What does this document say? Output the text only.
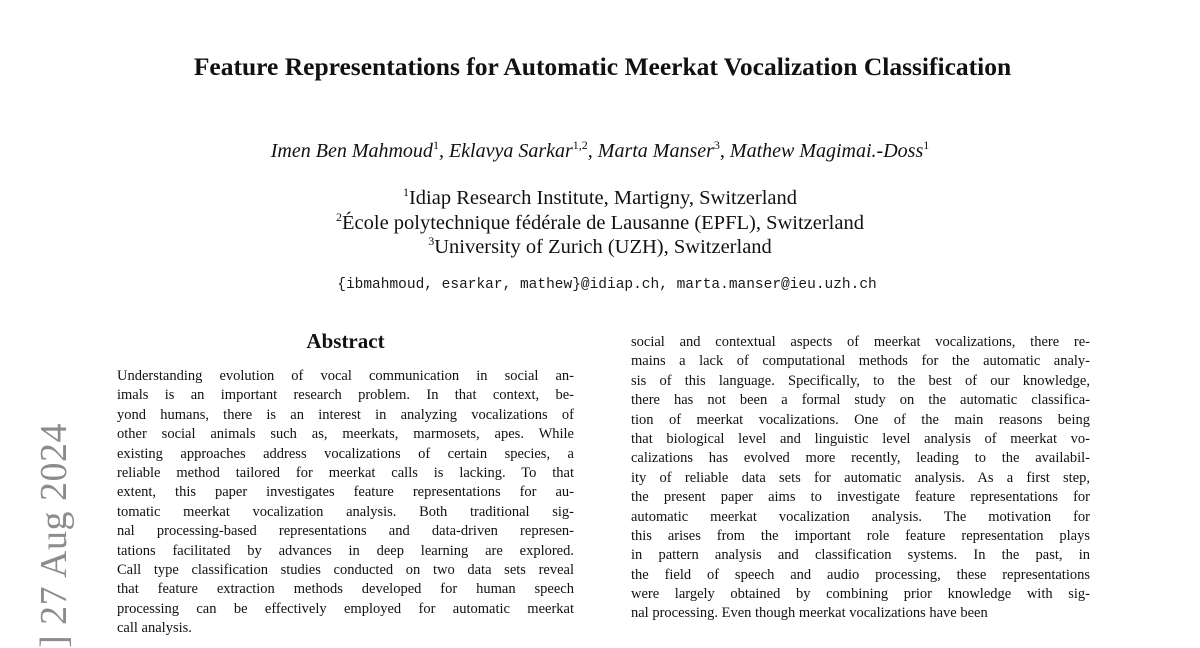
Feature Representations for Automatic Meerkat Vocalization Classification
Imen Ben Mahmoud$^1$, Eklavya Sarkar$^{1,2}$, Marta Manser$^3$, Mathew Magimai.-Doss$^1$
$^1$Idiap Research Institute, Martigny, Switzerland
$^2$École polytechnique fédérale de Lausanne (EPFL), Switzerland
$^3$University of Zurich (UZH), Switzerland
{ibmahmoud, esarkar, mathew}@idiap.ch, marta.manser@ieu.uzh.ch
] 27 Aug 2024
Abstract
Understanding evolution of vocal communication in social an-
imals is an important research problem. In that context, be-
yond humans, there is an interest in analyzing vocalizations of
other social animals such as, meerkats, marmosets, apes. While
existing approaches address vocalizations of certain species, a
reliable method tailored for meerkat calls is lacking. To that
extent, this paper investigates feature representations for au-
tomatic meerkat vocalization analysis. Both traditional sig-
nal processing-based representations and data-driven represen-
tations facilitated by advances in deep learning are explored.
Call type classification studies conducted on two data sets reveal
that feature extraction methods developed for human speech
processing can be effectively employed for automatic meerkat
call analysis.
social and contextual aspects of meerkat vocalizations, there re-
mains a lack of computational methods for the automatic analy-
sis of this language. Specifically, to the best of our knowledge,
there has not been a formal study on the automatic classifica-
tion of meerkat vocalizations. One of the main reasons being
that biological level and linguistic level analysis of meerkat vo-
calizations has evolved more recently, leading to the availabil-
ity of reliable data sets for automatic analysis. As a first step,
the present paper aims to investigate feature representations for
automatic meerkat vocalization analysis. The motivation for
this arises from the important role feature representation plays
in pattern analysis and classification systems. In the past, in
the field of speech and audio processing, these representations
were largely obtained by combining prior knowledge with sig-
nal processing. Even though meerkat vocalizations have been
